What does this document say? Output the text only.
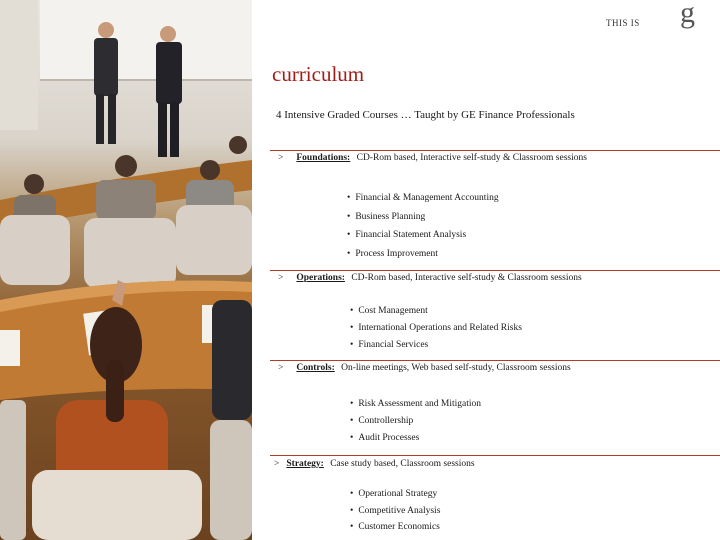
THIS IS g
curriculum
4 Intensive Graded Courses … Taught by GE Finance Professionals
> Foundations: CD-Rom based, Interactive self-study & Classroom sessions
• Financial & Management Accounting
• Business Planning
• Financial Statement Analysis
• Process Improvement
> Operations: CD-Rom based, Interactive self-study & Classroom sessions
• Cost Management
• International Operations and Related Risks
• Financial Services
> Controls: On-line meetings, Web based self-study, Classroom sessions
• Risk Assessment and Mitigation
• Controllership
• Audit Processes
> Strategy: Case study based, Classroom sessions
• Operational Strategy
• Competitive Analysis
• Customer Economics
